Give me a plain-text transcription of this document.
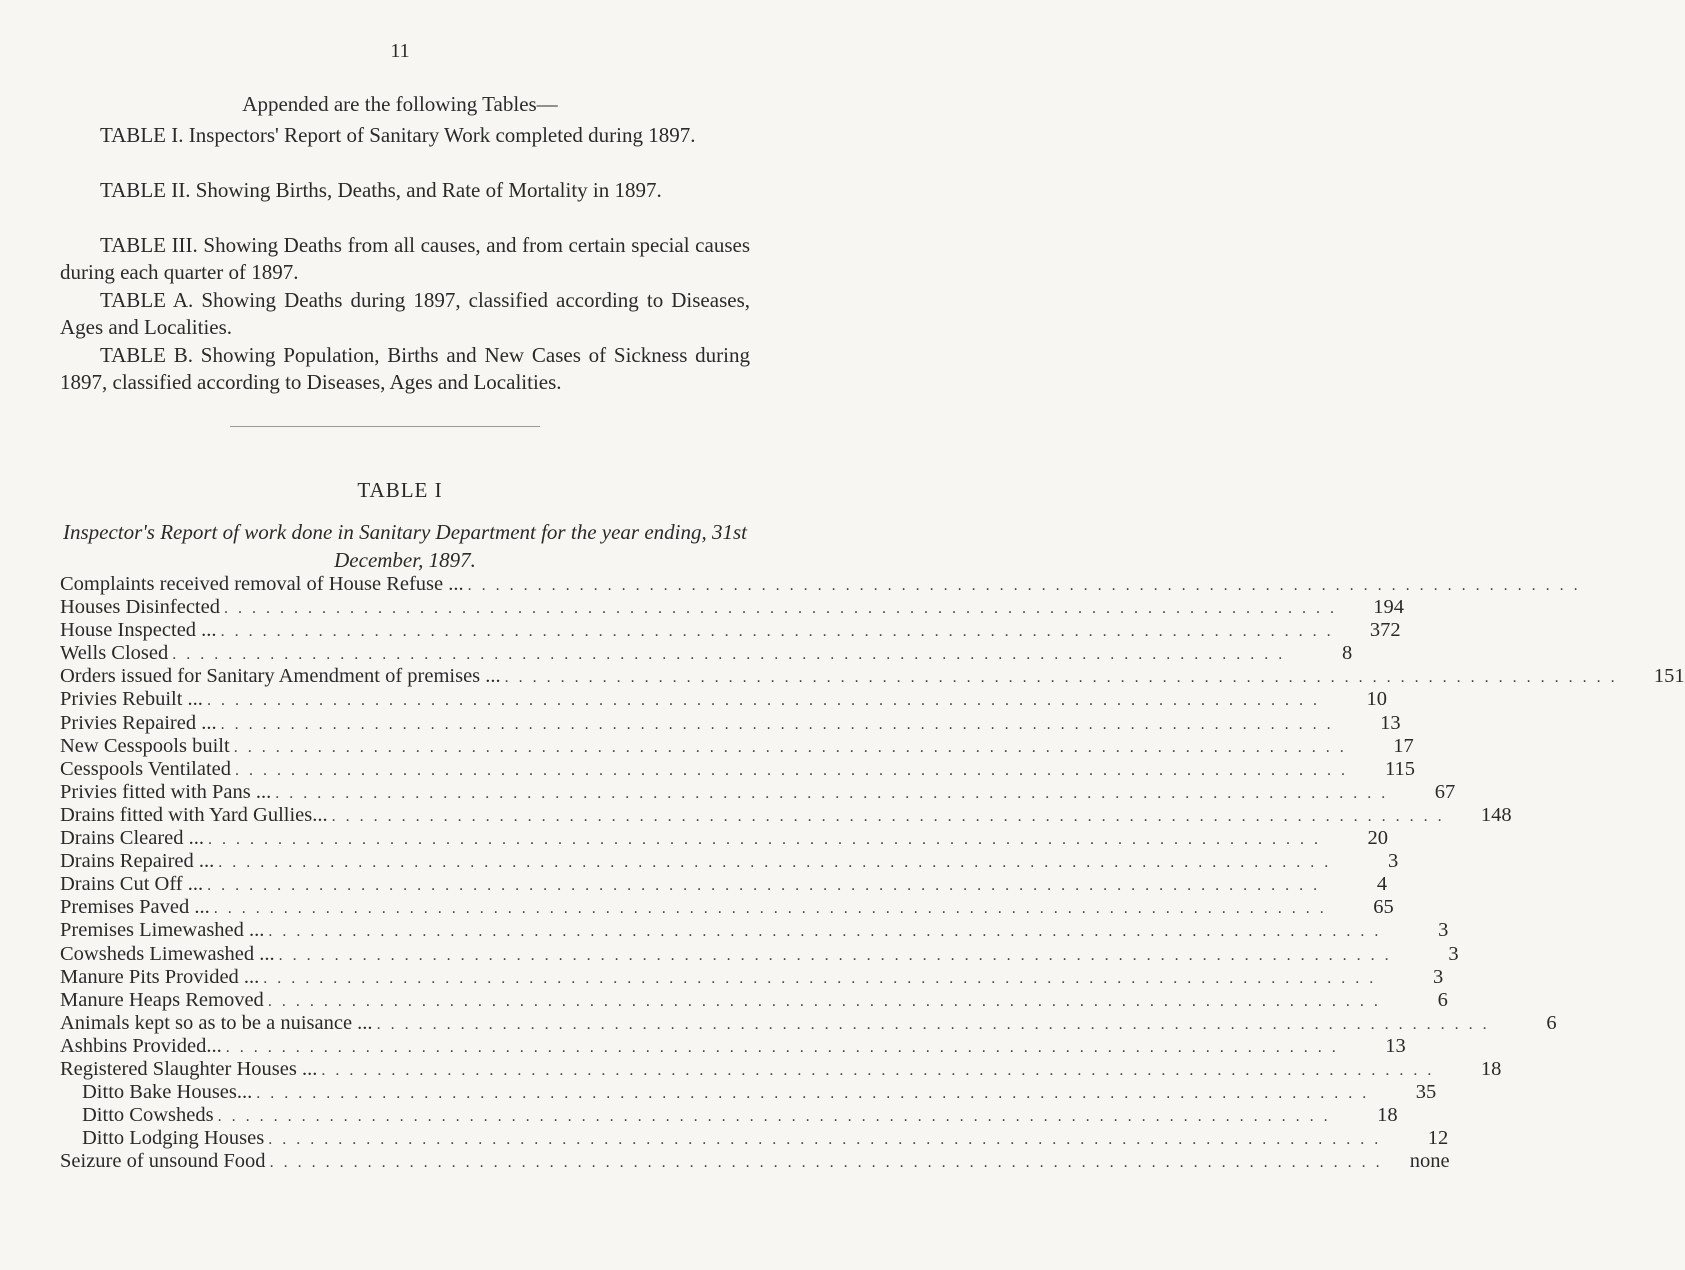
11
Appended are the following Tables—

TABLE I. Inspectors' Report of Sanitary Work completed during 1897.

TABLE II. Showing Births, Deaths, and Rate of Mortality in 1897.

TABLE III. Showing Deaths from all causes, and from certain special causes during each quarter of 1897.

TABLE A. Showing Deaths during 1897, classified according to Diseases, Ages and Localities.

TABLE B. Showing Population, Births and New Cases of Sickness during 1897, classified according to Diseases, Ages and Localities.

TABLE I
Inspector's Report of work done in Sanitary Department for the year ending, 31st December, 1897.
Complaints received removal of House Refuse ... ................................................................................
Houses Disinfected ................................................................................	194
House Inspected ... ................................................................................	372
Wells Closed ................................................................................	8
Orders issued for Sanitary Amendment of premises ... ................................................................................	151
Privies Rebuilt ... ................................................................................	10
Privies Repaired ... ................................................................................	13
New Cesspools built ................................................................................	17
Cesspools Ventilated ................................................................................	115
Privies fitted with Pans ... ................................................................................	67
Drains fitted with Yard Gullies... ................................................................................	148
Drains Cleared ... ................................................................................	20
Drains Repaired ... ................................................................................	3
Drains Cut Off ... ................................................................................	4
Premises Paved ... ................................................................................	65
Premises Limewashed ... ................................................................................	3
Cowsheds Limewashed ... ................................................................................	3
Manure Pits Provided ... ................................................................................	3
Manure Heaps Removed ................................................................................	6
Animals kept so as to be a nuisance ... ................................................................................	6
Ashbins Provided... ................................................................................	13
Registered Slaughter Houses ... ................................................................................	18
Ditto Bake Houses... ................................................................................	35
Ditto Cowsheds ................................................................................	18
Ditto Lodging Houses ................................................................................	12
Seizure of unsound Food ................................................................................ none
